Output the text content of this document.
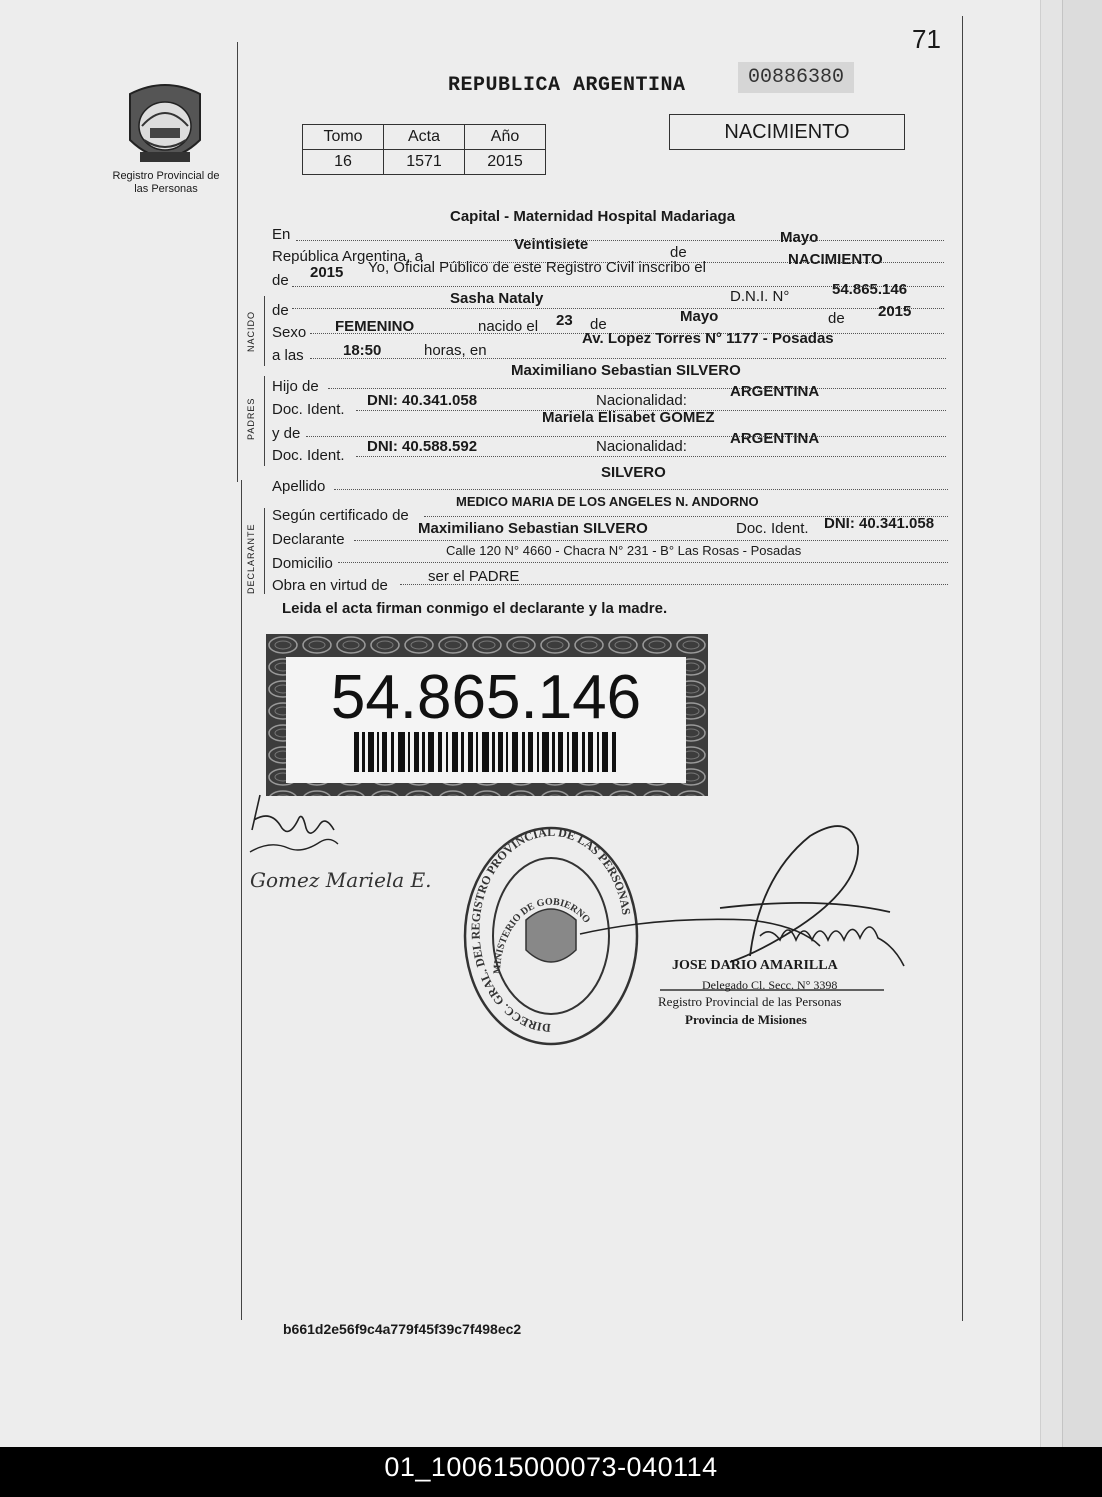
71
Registro Provincial de las Personas
REPUBLICA ARGENTINA	00886380
Tomo	Acta	Año
16	1571	2015
NACIMIENTO
En
Capital - Maternidad Hospital Madariaga
República Argentina, a
Veintisiete	de
Mayo
de 2015 Yo, Oficial Público de este Registro Civil inscribo el	NACIMIENTO
NACIDO
de
Sasha Nataly	D.N.I. N°	54.865.146
Sexo FEMENINO	nacido el 23 de	Mayo	de 2015
a las	18:50	horas, en
Av. Lopez Torres N° 1177 - Posadas
PADRES
Hijo de
Maximiliano Sebastian SILVERO
Doc. Ident.
DNI: 40.341.058	Nacionalidad:
ARGENTINA
y de
Mariela Elisabet GOMEZ
Doc. Ident.
DNI: 40.588.592	Nacionalidad:	ARGENTINA
Apellido
SILVERO
DECLARANTE
Según certificado de
MEDICO MARIA DE LOS ANGELES N. ANDORNO
Declarante
Maximiliano Sebastian SILVERO	Doc. Ident. DNI: 40.341.058
Domicilio
Calle 120 N° 4660 - Chacra N° 231 - B° Las Rosas - Posadas
Obra en virtud de
ser el PADRE
Leida el acta firman conmigo el declarante y la madre.
54.865.146
Gomez Mariela E.
DIRECC. GRAL. DEL REGISTRO PROVINCIAL DE LAS PERSONAS
MINISTERIO DE GOBIERNO
JOSE DARIO AMARILLA
Delegado Cl. Secc. N° 3398
Registro Provincial de las Personas
Provincia de Misiones
b661d2e56f9c4a779f45f39c7f498ec2
01_100615000073-040114
